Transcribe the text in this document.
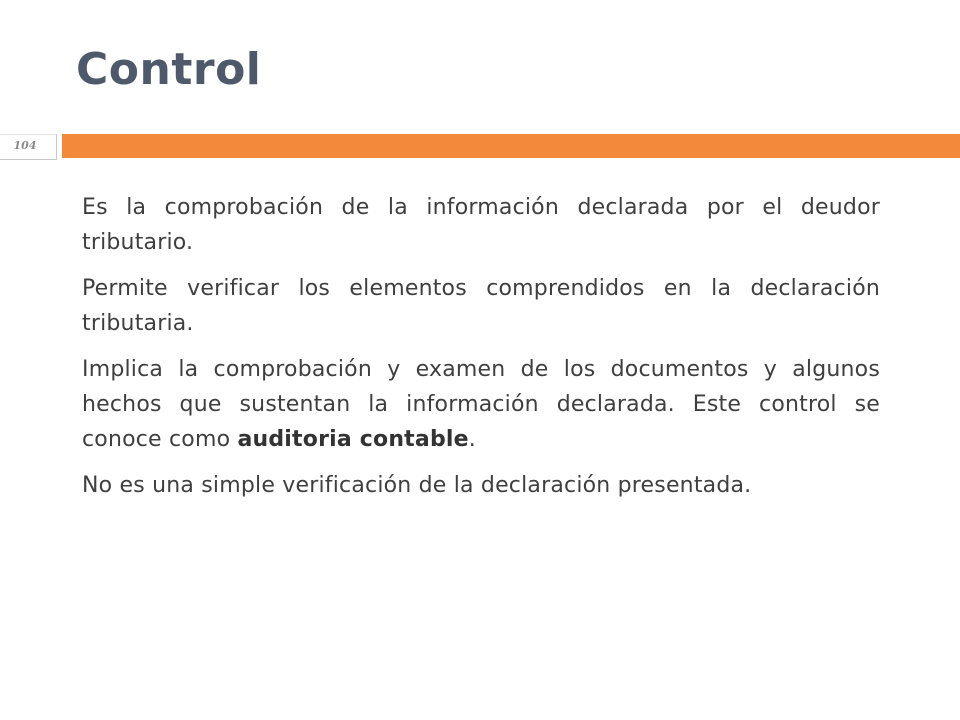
Control
104

Es la comprobación de la información declarada por el deudor tributario.

Permite verificar los elementos comprendidos en la declaración tributaria.

Implica la comprobación y examen de los documentos y algunos hechos que sustentan la información declarada. Este control se conoce como auditoria contable.

No es una simple verificación de la declaración presentada.
